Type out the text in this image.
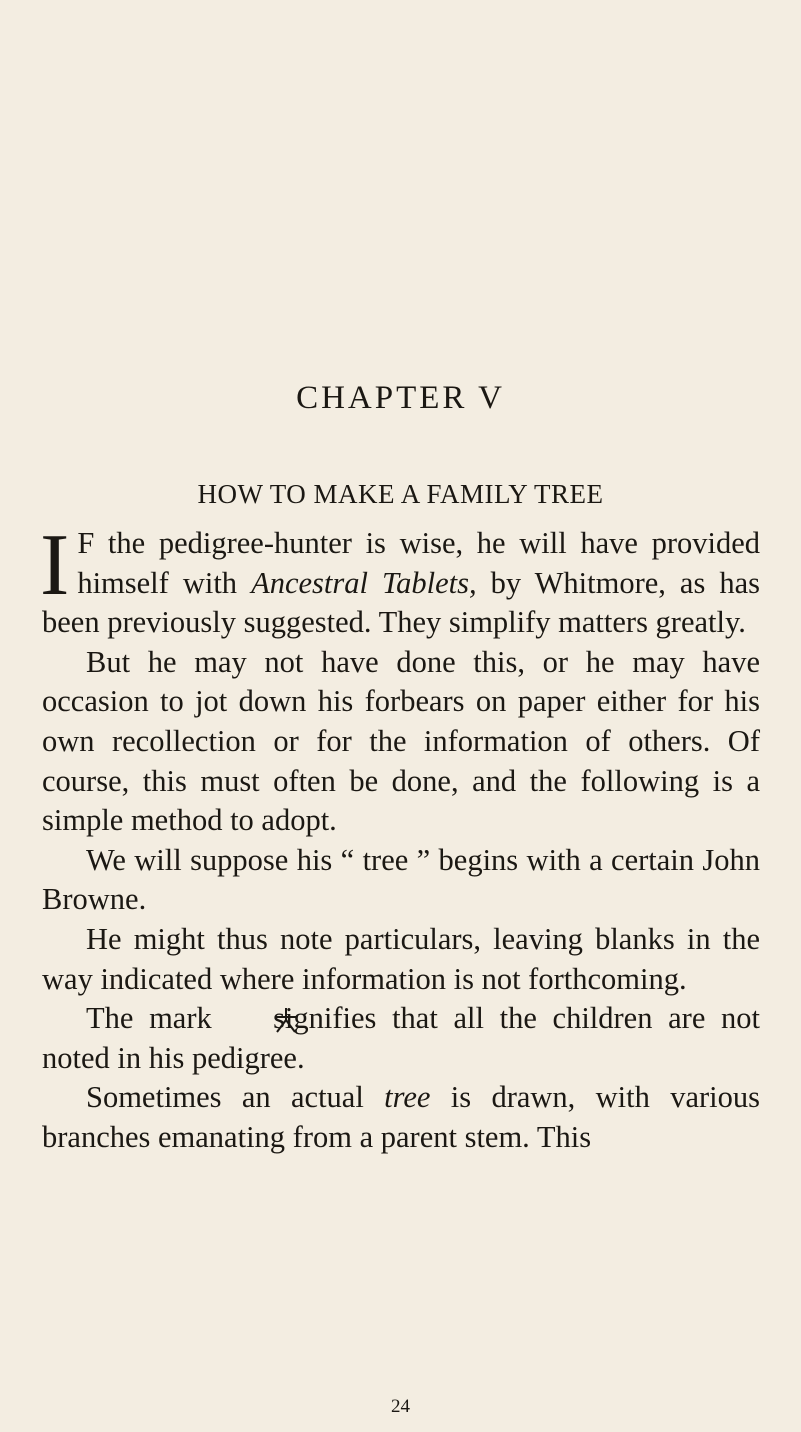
CHAPTER V
HOW TO MAKE A FAMILY TREE

I F the pedigree-hunter is wise, he will have provided himself with Ancestral Tablets, by Whitmore, as has been previously suggested. They simplify matters greatly.

But he may not have done this, or he may have occasion to jot down his forbears on paper either for his own recollection or for the information of others. Of course, this must often be done, and the following is a simple method to adopt.

We will suppose his “ tree ” begins with a certain John Browne.

He might thus note particulars, leaving blanks in the way indicated where information is not forthcoming.

The mark  signifies that all the children are not noted in his pedigree.

Sometimes an actual tree is drawn, with various branches emanating from a parent stem. This

24
